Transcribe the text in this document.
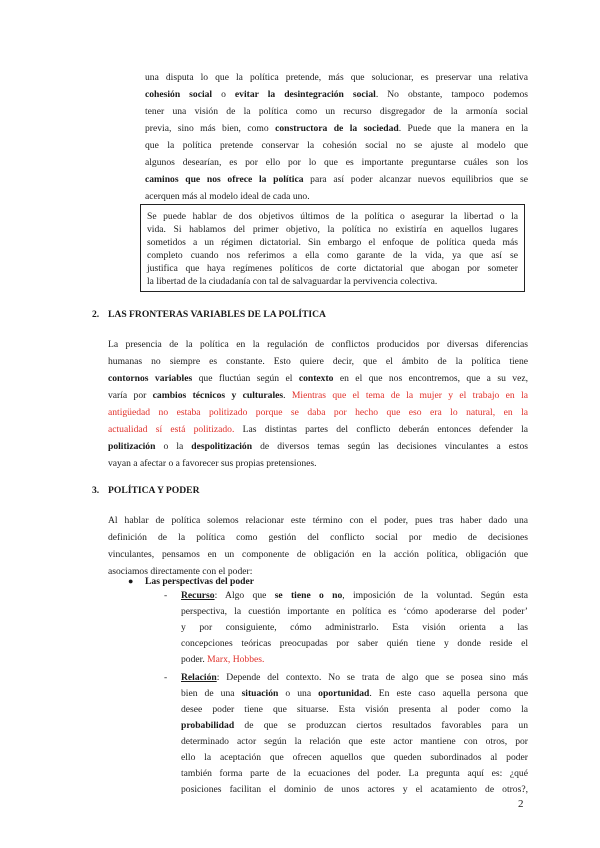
una disputa lo que la política pretende, más que solucionar, es preservar una relativa
cohesión social o evitar la desintegración social. No obstante, tampoco podemos
tener una visión de la política como un recurso disgregador de la armonía social
previa, sino más bien, como constructora de la sociedad. Puede que la manera en la
que la política pretende conservar la cohesión social no se ajuste al modelo que
algunos desearían, es por ello por lo que es importante preguntarse cuáles son los
caminos que nos ofrece la política para así poder alcanzar nuevos equilibrios que se
acerquen más al modelo ideal de cada uno.
Se puede hablar de dos objetivos últimos de la política o asegurar la libertad o la
vida. Si hablamos del primer objetivo, la política no existiría en aquellos lugares
sometidos a un régimen dictatorial. Sin embargo el enfoque de política queda más
completo cuando nos referimos a ella como garante de la vida, ya que así se
justifica que haya regímenes políticos de corte dictatorial que abogan por someter
la libertad de la ciudadanía con tal de salvaguardar la pervivencia colectiva.
2. LAS FRONTERAS VARIABLES DE LA POLÍTICA
La presencia de la política en la regulación de conflictos producidos por diversas diferencias
humanas no siempre es constante. Esto quiere decir, que el ámbito de la política tiene
contornos variables que fluctúan según el contexto en el que nos encontremos, que a su vez,
varía por cambios técnicos y culturales. Mientras que el tema de la mujer y el trabajo en la
antigüedad no estaba politizado porque se daba por hecho que eso era lo natural, en la
actualidad sí está politizado. Las distintas partes del conflicto deberán entonces defender la
politización o la despolitización de diversos temas según las decisiones vinculantes a estos
vayan a afectar o a favorecer sus propias pretensiones.
3. POLÍTICA Y PODER
Al hablar de política solemos relacionar este término con el poder, pues tras haber dado una
definición de la política como gestión del conflicto social por medio de decisiones
vinculantes, pensamos en un componente de obligación en la acción política, obligación que
asociamos directamente con el poder:
● Las perspectivas del poder
- Recurso: Algo que se tiene o no, imposición de la voluntad. Según esta
perspectiva, la cuestión importante en política es ‘cómo apoderarse del poder’
y por consiguiente, cómo administrarlo. Esta visión orienta a las
concepciones teóricas preocupadas por saber quién tiene y donde reside el
poder. Marx, Hobbes.
- Relación: Depende del contexto. No se trata de algo que se posea sino más
bien de una situación o una oportunidad. En este caso aquella persona que
desee poder tiene que situarse. Esta visión presenta al poder como la
probabilidad de que se produzcan ciertos resultados favorables para un
determinado actor según la relación que este actor mantiene con otros, por
ello la aceptación que ofrecen aquellos que queden subordinados al poder
también forma parte de la ecuaciones del poder. La pregunta aquí es: ¿qué
posiciones facilitan el dominio de unos actores y el acatamiento de otros?,
2
